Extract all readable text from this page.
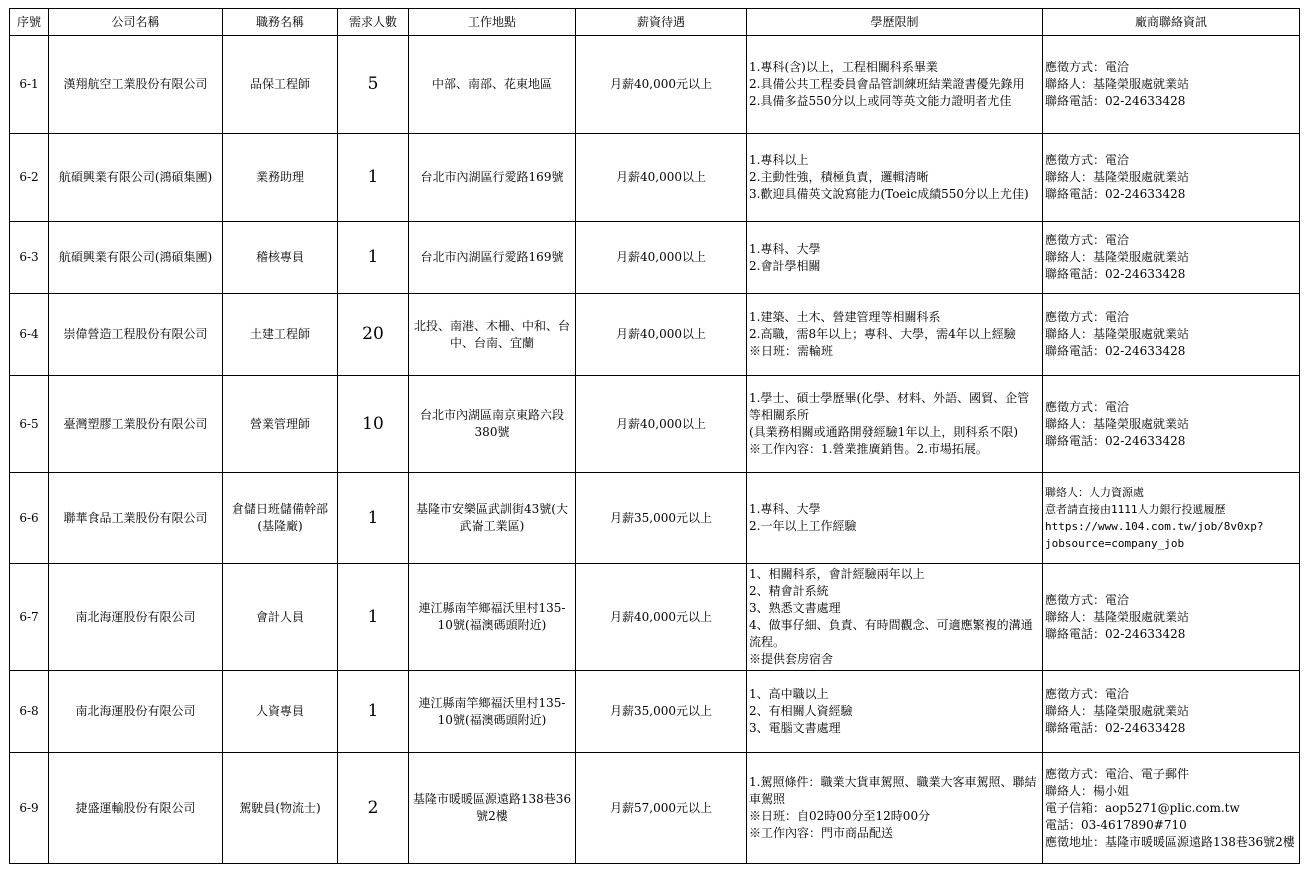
序號	公司名稱	職務名稱	需求人數	工作地點	薪資待遇	學歷限制	廠商聯絡資訊
6-1	漢翔航空工業股份有限公司	品保工程師	5	中部、南部、花東地區	月薪40,000元以上	1.專科(含)以上，工程相關科系畢業
2.具備公共工程委員會品管訓練班結業證書優先錄用
2.具備多益550分以上或同等英文能力證明者尤佳	應徵方式：電洽
聯絡人：基隆榮服處就業站
聯絡電話：02-24633428
6-2	航碩興業有限公司(鴻碩集團)	業務助理	1	台北市內湖區行愛路169號	月薪40,000以上	1.專科以上
2.主動性強，積極負責，邏輯清晰
3.歡迎具備英文說寫能力(Toeic成績550分以上尤佳)	應徵方式：電洽
聯絡人：基隆榮服處就業站
聯絡電話：02-24633428
6-3	航碩興業有限公司(鴻碩集團)	稽核專員	1	台北市內湖區行愛路169號	月薪40,000以上	1.專科、大學
2.會計學相關	應徵方式：電洽
聯絡人：基隆榮服處就業站
聯絡電話：02-24633428
6-4	崇偉營造工程股份有限公司	土建工程師	20	北投、南港、木柵、中和、台中、台南、宜蘭	月薪40,000以上	1.建築、土木、營建管理等相關科系
2.高職，需8年以上；專科、大學，需4年以上經驗
※日班：需輪班	應徵方式：電洽
聯絡人：基隆榮服處就業站
聯絡電話：02-24633428
6-5	臺灣塑膠工業股份有限公司	營業管理師	10	台北市內湖區南京東路六段380號	月薪40,000以上	1.學士、碩士學歷畢(化學、材料、外語、國貿、企管等相關系所
(具業務相關或通路開發經驗1年以上，則科系不限)
※工作內容：1.營業推廣銷售。2.市場拓展。	應徵方式：電洽
聯絡人：基隆榮服處就業站
聯絡電話：02-24633428
6-6	聯華食品工業股份有限公司	倉儲日班儲備幹部(基隆廠)	1	基隆市安樂區武訓街43號(大武崙工業區)	月薪35,000元以上	1.專科、大學
2.一年以上工作經驗	聯絡人：人力資源處
意者請直接由1111人力銀行投遞履歷
https://www.104.com.tw/job/8v0xp?jobsource=company_job
6-7	南北海運股份有限公司	會計人員	1	連江縣南竿鄉福沃里村135-10號(福澳碼頭附近)	月薪40,000元以上	1、相關科系，會計經驗兩年以上
2、精會計系統
3、熟悉文書處理
4、做事仔細、負責、有時間觀念、可適應繁複的溝通流程。
※提供套房宿舍	應徵方式：電洽
聯絡人：基隆榮服處就業站
聯絡電話：02-24633428
6-8	南北海運股份有限公司	人資專員	1	連江縣南竿鄉福沃里村135-10號(福澳碼頭附近)	月薪35,000元以上	1、高中職以上
2、有相關人資經驗
3、電腦文書處理	應徵方式：電洽
聯絡人：基隆榮服處就業站
聯絡電話：02-24633428
6-9	捷盛運輸股份有限公司	駕駛員(物流士)	2	基隆市暖暖區源遠路138巷36號2樓	月薪57,000元以上	1.駕照條件：職業大貨車駕照、職業大客車駕照、聯結車駕照
※日班：自02時00分至12時00分
※工作內容：門市商品配送	應徵方式：電洽、電子郵件
聯絡人：楊小姐
電子信箱：aop5271@plic.com.tw
電話：03-4617890#710
應徵地址：基隆市暖暖區源遠路138巷36號2樓
